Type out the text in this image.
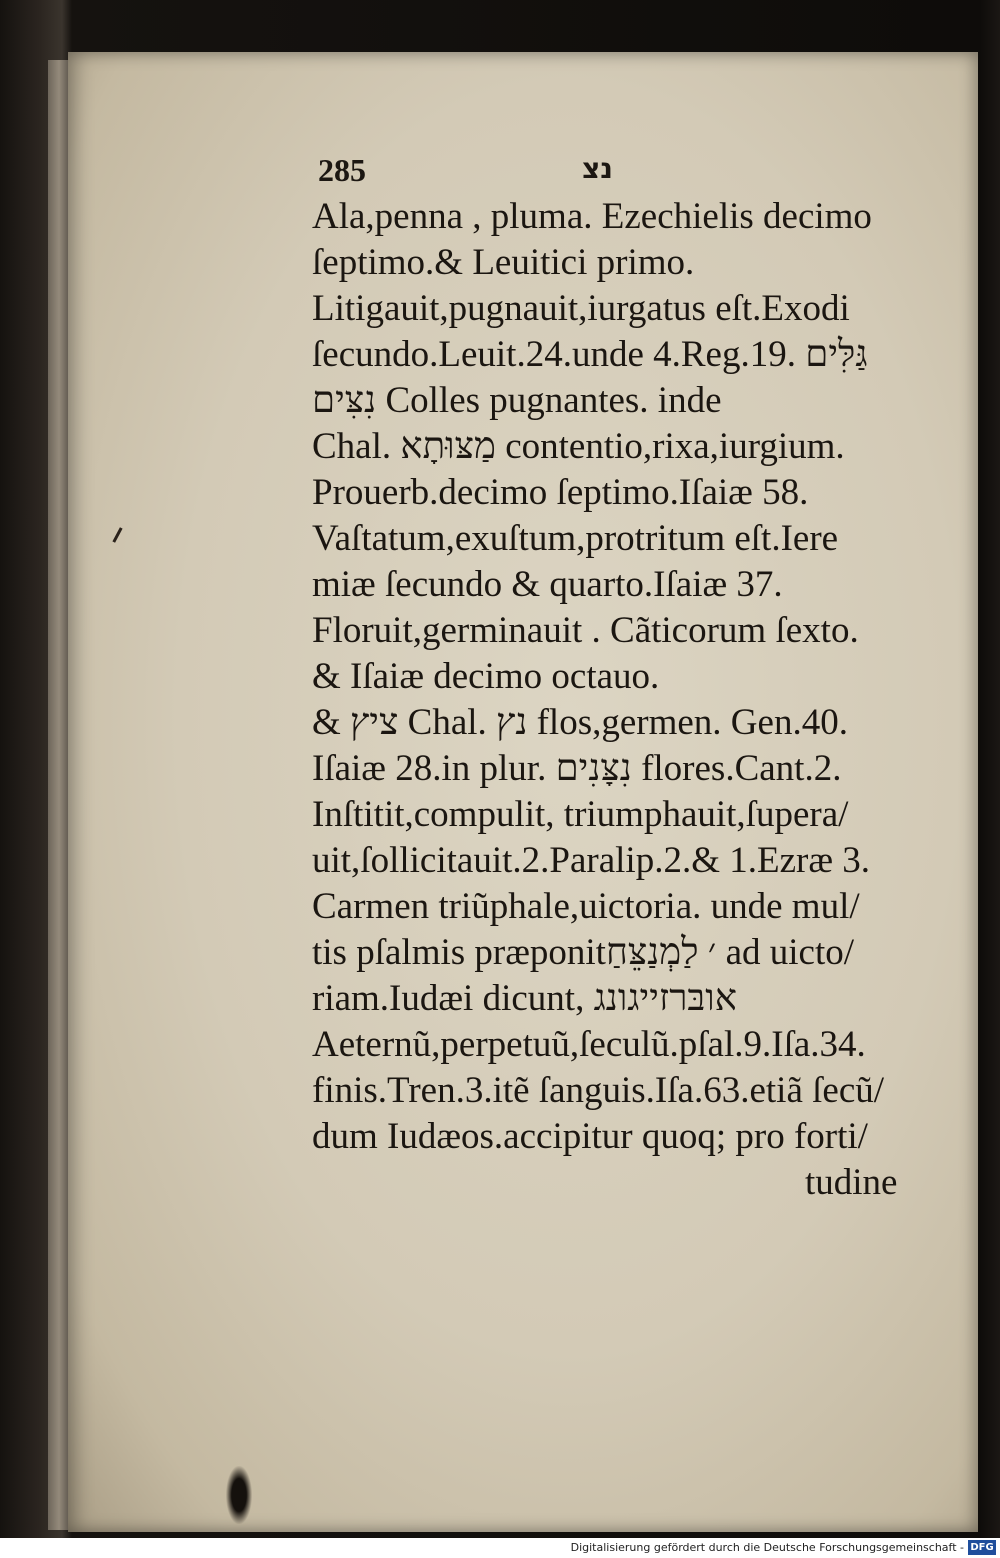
285	נצ
Ala,penna , pluma. Ezechielis decimo
ſeptimo.& Leuitici primo.
Litigauit,pugnauit,iurgatus eſt.Exodi
ſecundo.Leuit.24.unde 4.Reg.19. גַּלִּים
נִצִּים Colles pugnantes. inde
Chal. מַצּוּתָא contentio,rixa,iurgium.
Prouerb.decimo ſeptimo.Iſaiæ 58.
Vaſtatum,exuſtum,protritum eſt.Iere
miæ ſecundo & quarto.Iſaiæ 37.
Floruit,germinauit . Cãticorum ſexto.
& Iſaiæ decimo octauo.
& ציץ Chal. נץ flos,germen. Gen.40.
Iſaiæ 28.in plur. נִצָּנִים flores.Cant.2.
Inſtitit,compulit, triumphauit,ſupera/
uit,ſollicitauit.2.Paralip.2.& 1.Ezræ 3.
Carmen triũphale,uictoria. unde mul/
tis pſalmis præponit׳ לַמְנַצֵּחַ ad uicto/
riam.Iudæi dicunt, אובּרזייגונג
Aeternũ,perpetuũ,ſeculũ.pſal.9.Iſa.34.
finis.Tren.3.itẽ ſanguis.Iſa.63.etiã ſecũ/
dum Iudæos.accipitur quoq; pro forti/
tudine
Digitalisierung gefördert durch die Deutsche Forschungsgemeinschaft - DFG
